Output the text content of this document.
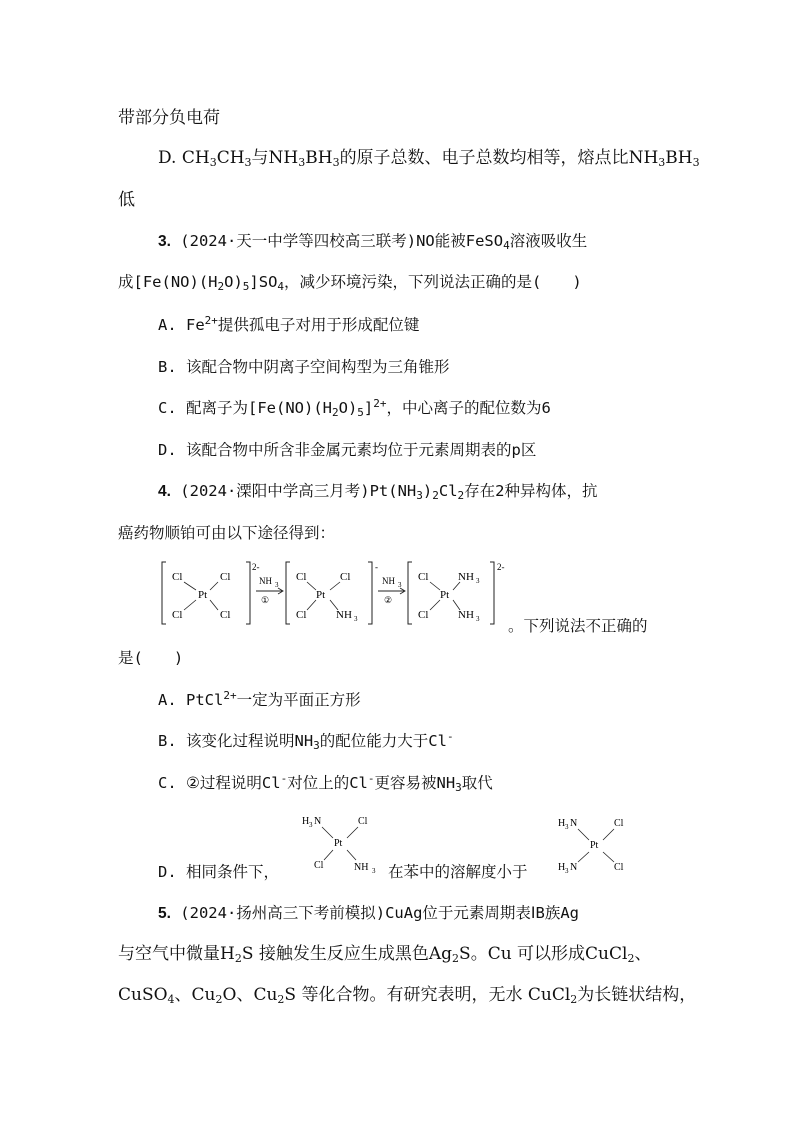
带部分负电荷
D. $CH_3CH_3$与$NH_3BH_3$的原子总数、电子总数均相等，熔点比$NH_3BH_3$
低
3. (2024·天一中学等四校高三联考)NO能被FeSO$_4$溶液吸收生
成$[Fe(NO)(H_2O)_5]SO_4$，减少环境污染，下列说法正确的是(　　)
A. $Fe^{2+}$提供孤电子对用于形成配位键
B. 该配合物中阴离子空间构型为三角锥形
C. 配离子为$[Fe(NO)(H_2O)_5]^{2+}$，中心离子的配位数为6
D. 该配合物中所含非金属元素均位于元素周期表的p区
4. (2024·溧阳中学高三月考)$Pt(NH_3)_2Cl_2$存在2种异构体，抗
癌药物顺铂可由以下途径得到：
Cl	Cl
Pt
Cl	Cl
2-
NH 3
①
Cl	Cl
Pt
Cl	NH 3
-
NH 3
②
Cl	NH 3
Pt
Cl	NH 3
2-
。下列说法不正确的
是(　　)
A. PtCl$^{2+}$一定为平面正方形
B. 该变化过程说明$NH_3$的配位能力大于Cl-
C. ②过程说明Cl-对位上的Cl-更容易被$NH_3$取代
D. 相同条件下，
H 3 N	Cl
Pt
Cl	NH 3 在苯中的溶解度小于
H 3 N	Cl
Pt
H 3 N	Cl
5. (2024·扬州高三下考前模拟)CuAg位于元素周期表ⅠB族Ag
与空气中微量$H_2S$ 接触发生反应生成黑色$Ag_2S$。Cu 可以形成CuCl$_2$、
CuSO$_4$、$Cu_2O$、$Cu_2S$ 等化合物。有研究表明，无水 CuCl$_2$为长链状结构，
